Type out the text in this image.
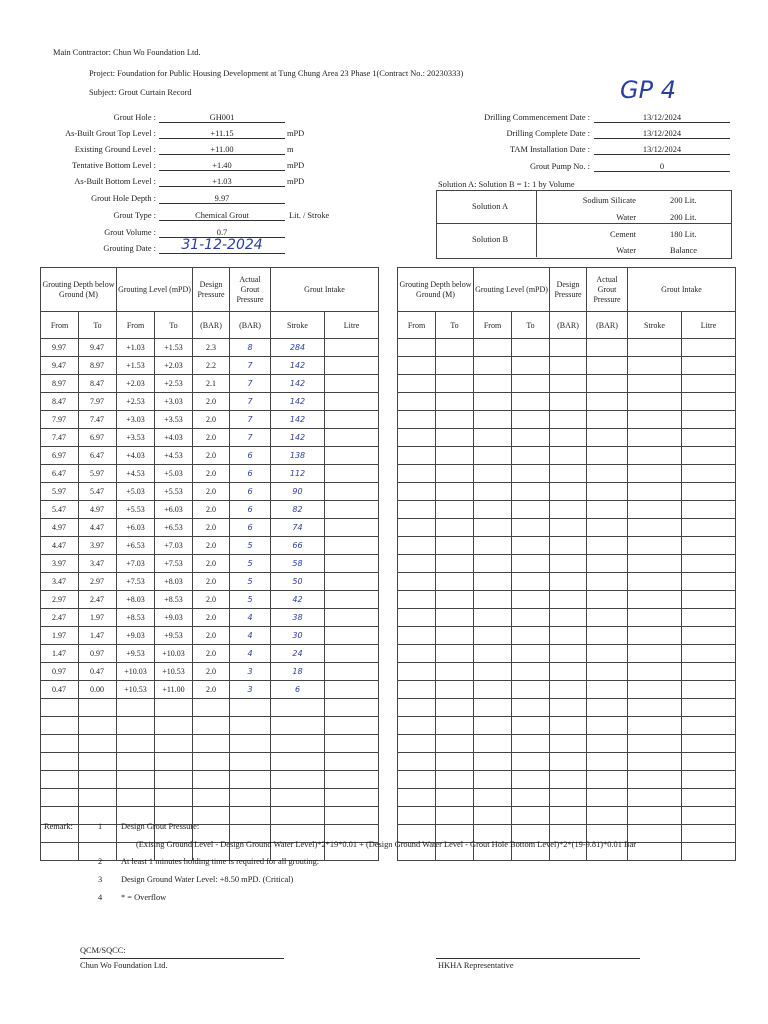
Main Contractor: Chun Wo Foundation Ltd.
Project: Foundation for Public Housing Development at Tung Chung Area 23 Phase 1(Contract No.: 20230333)
Subject: Grout Curtain Record	GP 4
Grout Hole :	GH001
As-Built Grout Top Level :	+11.15	mPD
Existing Ground Level :	+11.00	m
Tentative Bottom Level :	+1.40	mPD
As-Built Bottom Level :	+1.03	mPD
Grout Hole Depth :	9.97
Grout Type :	Chemical Grout	Lit. / Stroke
Grout Volume :	0.7
Grouting Date :	31-12-2024
Drilling Commencement Date :	13/12/2024
Drilling Complete Date :	13/12/2024
TAM Installation Date :	13/12/2024
Grout Pump No. :	0
Solution A: Solution B = 1: 1 by Volume
Solution A
Solution B
Sodium Silicate	200 Lit.
Water	200 Lit.
Cement	180 Lit.
Water	Balance
Grouting Depth below Ground (M)		Grouting Level (mPD)		Design Pressure	Actual Grout Pressure	Grout Intake	
From	To	From	To	(BAR)	(BAR)	Stroke	Litre
9.97	9.47	+1.03	+1.53	2.3	8	284	
9.47	8.97	+1.53	+2.03	2.2	7	142	
8.97	8.47	+2.03	+2.53	2.1	7	142	
8.47	7.97	+2.53	+3.03	2.0	7	142	
7.97	7.47	+3.03	+3.53	2.0	7	142	
7.47	6.97	+3.53	+4.03	2.0	7	142	
6.97	6.47	+4.03	+4.53	2.0	6	138	
6.47	5.97	+4.53	+5.03	2.0	6	112	
5.97	5.47	+5.03	+5.53	2.0	6	90	
5.47	4.97	+5.53	+6.03	2.0	6	82	
4.97	4.47	+6.03	+6.53	2.0	6	74	
4.47	3.97	+6.53	+7.03	2.0	5	66	
3.97	3.47	+7.03	+7.53	2.0	5	58	
3.47	2.97	+7.53	+8.03	2.0	5	50	
2.97	2.47	+8.03	+8.53	2.0	5	42	
2.47	1.97	+8.53	+9.03	2.0	4	38	
1.97	1.47	+9.03	+9.53	2.0	4	30	
1.47	0.97	+9.53	+10.03	2.0	4	24	
0.97	0.47	+10.03	+10.53	2.0	3	18	
0.47	0.00	+10.53	+11.00	2.0	3	6	

Grouting Depth below Ground (M)		Grouting Level (mPD)		Design Pressure	Actual Grout Pressure	Grout Intake	
From	To	From	To	(BAR)	(BAR)	Stroke	Litre

Remark:	1 Design Grout Pressure:
(Exising Ground Level - Design Ground Water Level)*2*19*0.01 + (Design Ground Water Level - Grout Hole Bottom Level)*2*(19-9.81)*0.01 Bar
2 At least 1 minutes holding time is required for all grouting.
3 Design Ground Water Level: +8.50 mPD. (Critical)
4 * = Overflow
QCM/SQCC:
Chun Wo Foundation Ltd.	HKHA Representative
